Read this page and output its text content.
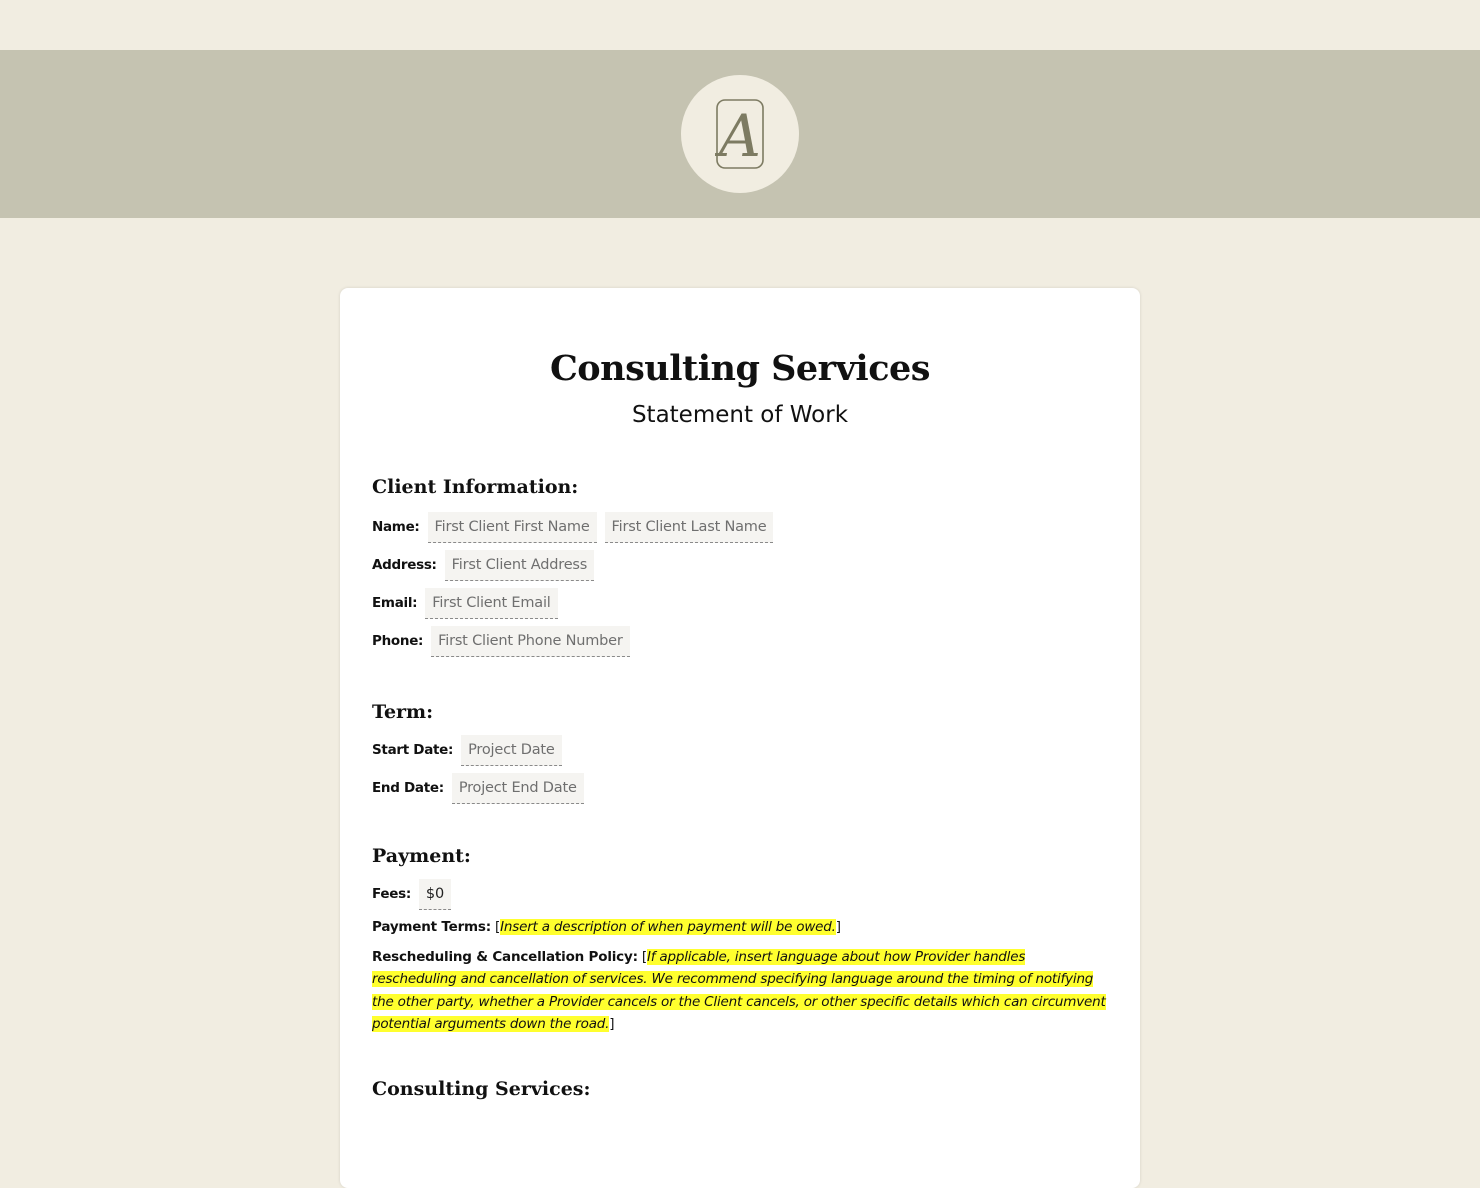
A
Consulting Services
Statement of Work
Client Information:
Name:	First Client First Name	First Client Last Name
Address:	First Client Address
Email:	First Client Email
Phone:	First Client Phone Number
Term:
Start Date:	Project Date
End Date:	Project End Date
Payment:
Fees:	$0

Payment Terms: [Insert a description of when payment will be owed.]

Rescheduling & Cancellation Policy: [If applicable, insert language about how Provider handles rescheduling and cancellation of services. We recommend specifying language around the timing of notifying the other party, whether a Provider cancels or the Client cancels, or other specific details which can circumvent potential arguments down the road.]

Consulting Services:
